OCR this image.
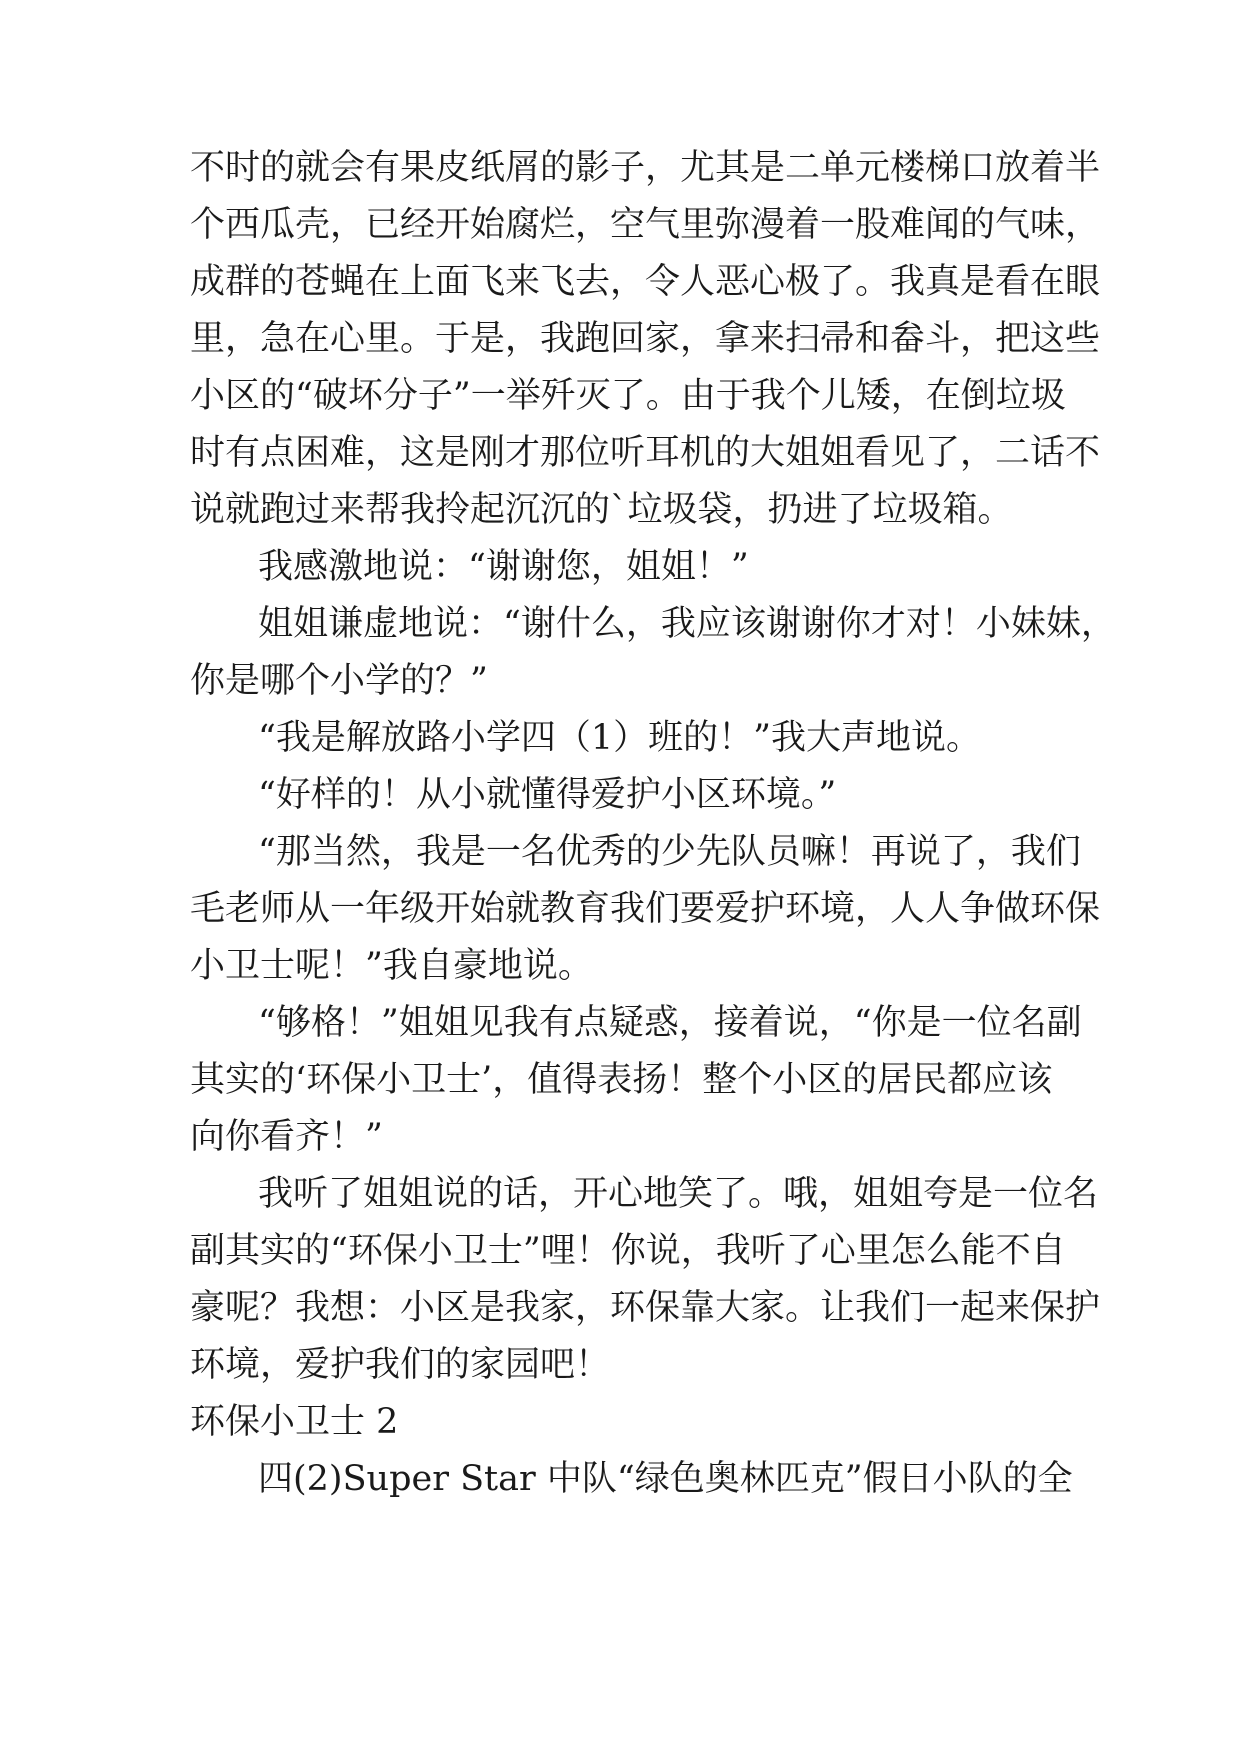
不时的就会有果皮纸屑的影子，尤其是二单元楼梯口放着半
个西瓜壳，已经开始腐烂，空气里弥漫着一股难闻的气味，
成群的苍蝇在上面飞来飞去，令人恶心极了。我真是看在眼
里，急在心里。于是，我跑回家，拿来扫帚和畚斗，把这些
小区的“破坏分子”一举歼灭了。由于我个儿矮，在倒垃圾
时有点困难，这是刚才那位听耳机的大姐姐看见了，二话不
说就跑过来帮我拎起沉沉的`垃圾袋，扔进了垃圾箱。
我感激地说：“谢谢您，姐姐！”
姐姐谦虚地说：“谢什么，我应该谢谢你才对！小妹妹，
你是哪个小学的？”
“我是解放路小学四（1）班的！”我大声地说。
“好样的！从小就懂得爱护小区环境。”
“那当然，我是一名优秀的少先队员嘛！再说了，我们
毛老师从一年级开始就教育我们要爱护环境，人人争做环保
小卫士呢！”我自豪地说。
“够格！”姐姐见我有点疑惑，接着说，“你是一位名副
其实的‘环保小卫士’，值得表扬！整个小区的居民都应该
向你看齐！”
我听了姐姐说的话，开心地笑了。哦，姐姐夸是一位名
副其实的“环保小卫士”哩！你说，我听了心里怎么能不自
豪呢？我想：小区是我家，环保靠大家。让我们一起来保护
环境，爱护我们的家园吧！
环保小卫士 2
四(2)Super Star 中队“绿色奥林匹克”假日小队的全
